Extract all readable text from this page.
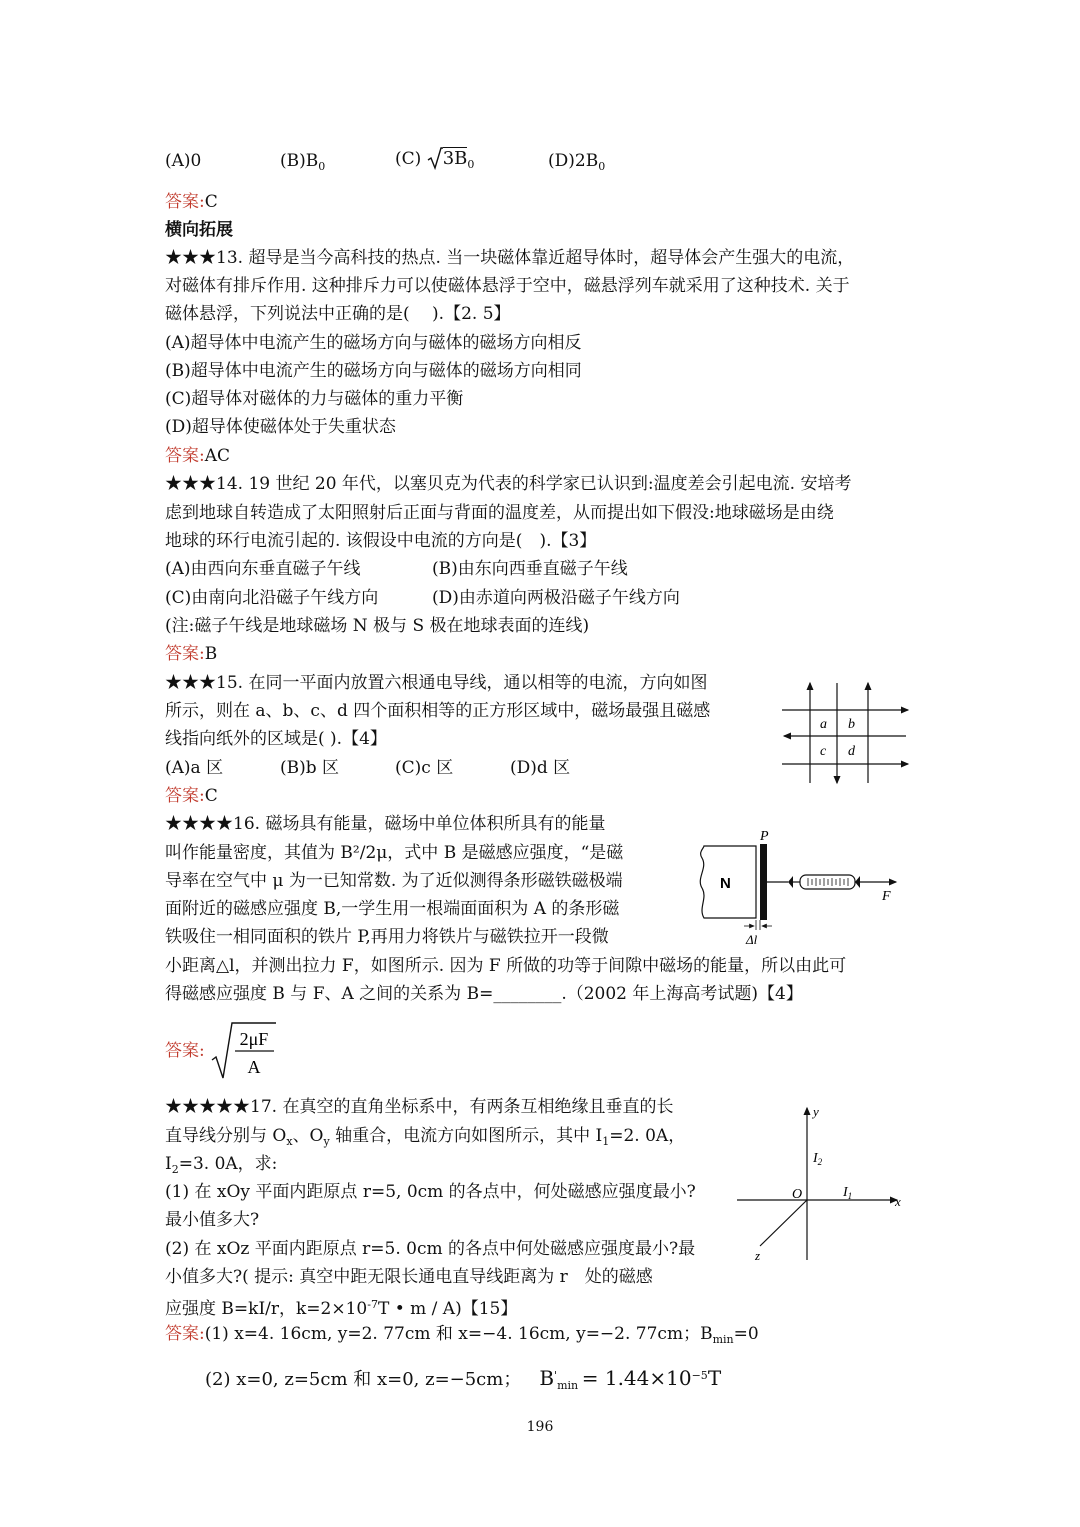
(A)0	$(B)B_0$	(C) $3B_0$	$(D)2B_0$
答案:C
横向拓展
★★★13. 超导是当今高科技的热点. 当一块磁体靠近超导体时，超导体会产生强大的电流，
对磁体有排斥作用. 这种排斥力可以使磁体悬浮于空中，磁悬浮列车就采用了这种技术. 关于
磁体悬浮，下列说法中正确的是(　 ).【2. 5】
(A)超导体中电流产生的磁场方向与磁体的磁场方向相反
(B)超导体中电流产生的磁场方向与磁体的磁场方向相同
(C)超导体对磁体的力与磁体的重力平衡
(D)超导体使磁体处于失重状态
答案:AC
★★★14. 19 世纪 20 年代，以塞贝克为代表的科学家已认识到:温度差会引起电流. 安培考
虑到地球自转造成了太阳照射后正面与背面的温度差，从而提出如下假没:地球磁场是由绕
地球的环行电流引起的. 该假设中电流的方向是(　).【3】
(A)由西向东垂直磁子午线	(B)由东向西垂直磁子午线
(C)由南向北沿磁子午线方向	(D)由赤道向两极沿磁子午线方向
(注:磁子午线是地球磁场 N 极与 S 极在地球表面的连线)
答案:B
★★★15. 在同一平面内放置六根通电导线，通以相等的电流，方向如图
所示，则在 a、b、c、d 四个面积相等的正方形区域中，磁场最强且磁感
线指向纸外的区域是( ).【4】
(A)a 区	(B)b 区	(C)c 区	(D)d 区
答案:C
a b
c d
★★★★16. 磁场具有能量，磁场中单位体积所具有的能量
叫作能量密度，其值为 B²/2μ，式中 B 是磁感应强度，“是磁
导率在空气中 μ 为一已知常数. 为了近似测得条形磁铁磁极端
面附近的磁感应强度 B,一学生用一根端面面积为 A 的条形磁
铁吸住一相同面积的铁片 P,再用力将铁片与磁铁拉开一段微
小距离△l，并测出拉力 F，如图所示. 因为 F 所做的功等于间隙中磁场的能量，所以由此可
得磁感应强度 B 与 F、A 之间的关系为 B=________.（2002 年上海高考试题)【4】
N
P
F
Δl
答案:
2μF
A
★★★★★17. 在真空的直角坐标系中，有两条互相绝缘且垂直的长
直导线分别与 $O_x$、$O_y$ 轴重合，电流方向如图所示，其中 $I_1=2$. 0A，
$I_2=3$. 0A，求:
(1) 在 xOy 平面内距原点 r=5, 0cm 的各点中，何处磁感应强度最小?
最小值多大?
(2) 在 xOz 平面内距原点 r=5. 0cm 的各点中何处磁感应强度最小?最
小值多大?( 提示: 真空中距无限长通电直导线距离为 r　处的磁感
应强度 B=kI/r，$k=2\times 10^{-7}T$ • m / A)【15】
答案:(1) x=4. 16cm, y=2. 77cm 和 x=−4. 16cm, y=−2. 77cm；$B_{min}=0$
(2) x=0, z=5cm 和 x=0, z=−5cm；  $B'_{min} = 1.44\times 10^{-5}T$
y
x
z
O
$I_2$
$I_1$
196
